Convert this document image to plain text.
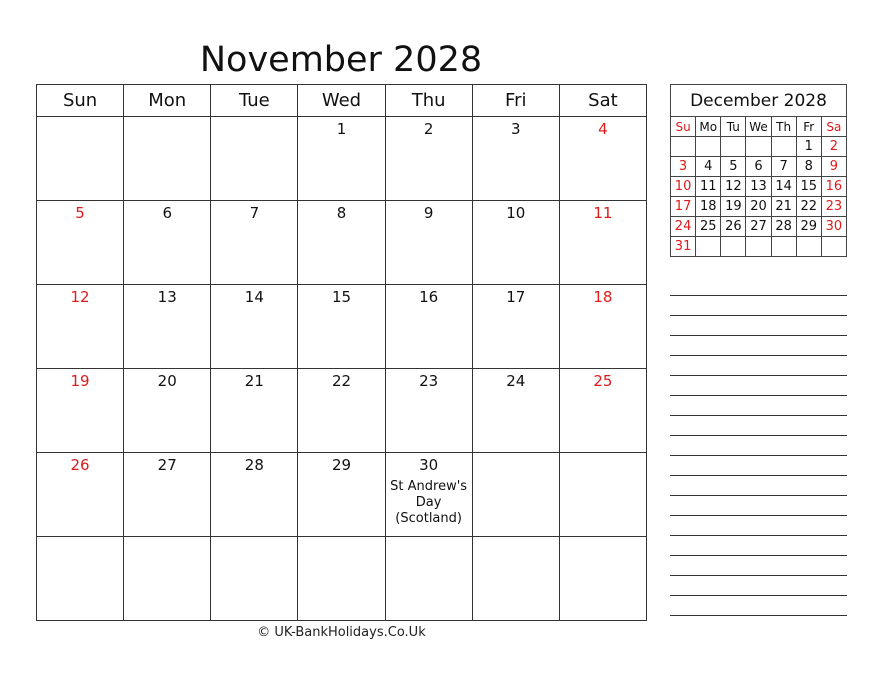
November 2028
Sun	Mon	Tue	Wed	Thu	Fri	Sat

			1	2	3	4

5	6	7	8	9	10	11

12	13	14	15	16	17	18

19	20	21	22	23	24	25

26	27	28	29	30
St Andrew's Day (Scotland)		

December 2028						
Su	Mo	Tu	We	Th	Fr	Sa
					1	2
3	4	5	6	7	8	9
10	11	12	13	14	15	16
17	18	19	20	21	22	23
24	25	26	27	28	29	30
31						
© UK-BankHolidays.Co.Uk
